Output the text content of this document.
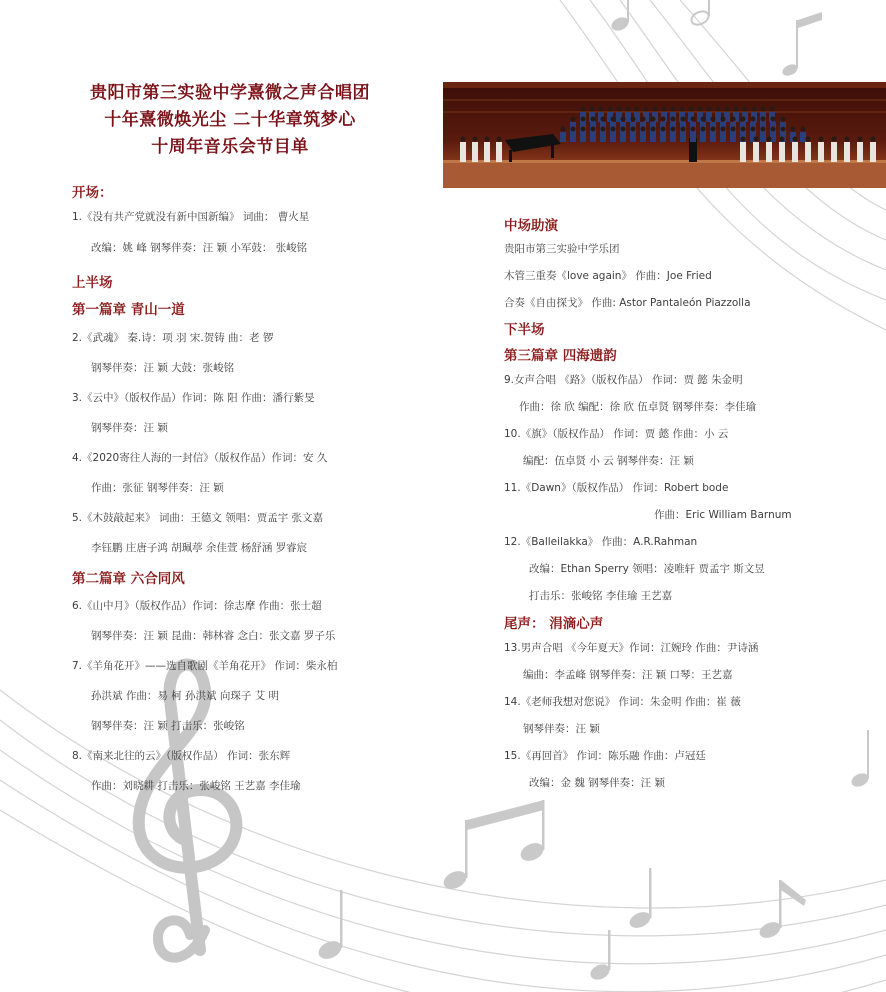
贵阳市第三实验中学熹微之声合唱团
十年熹微焕光尘 二十华章筑梦心
十周年音乐会节目单
开场：
1.《没有共产党就没有新中国新编》 词曲： 曹火星
改编：姚 峰 钢琴伴奏：汪 颖 小军鼓： 张峻铭
上半场
第一篇章 青山一道
2.《武魂》 秦.诗：项 羽 宋.贺铸 曲：老 锣
钢琴伴奏：汪 颖 大鼓：张峻铭
3.《云中》（版权作品）作词：陈 阳 作曲：潘行紫旻
钢琴伴奏：汪 颖
4.《2020寄往人海的一封信》（版权作品）作词：安 久
作曲：张征 钢琴伴奏：汪 颖
5.《木鼓敲起来》 词曲：王德文 领唱：贾孟宇 张文嘉
李钰鹏 庄唐子鸿 胡珮葶 余佳萱 杨舒涵 罗睿宸
第二篇章 六合同风
6.《山中月》（版权作品）作词：徐志摩 作曲：张士超
钢琴伴奏：汪 颖 昆曲：韩林睿 念白：张文嘉 罗子乐
7.《羊角花开》——选自歌剧《羊角花开》 作词：柴永柏
孙洪斌 作曲：易 柯 孙洪斌 向琛子 艾 明
钢琴伴奏：汪 颖 打击乐：张峻铭
8.《南来北往的云》（版权作品） 作词：张东辉
作曲：刘晓耕 打击乐：张峻铭 王艺嘉 李佳瑜
中场助演
贵阳市第三实验中学乐团
木管三重奏《love again》 作曲：Joe Fried
合奏《自由探戈》 作曲: Astor Pantaleón Piazzolla
下半场
第三篇章 四海遗韵
9.女声合唱 《路》（版权作品） 作词：贾 懿 朱金明
作曲：徐 欣 编配：徐 欣 伍卓贤 钢琴伴奏：李佳瑜
10.《旗》（版权作品） 作词：贾 懿 作曲：小 云
编配：伍卓贤 小 云 钢琴伴奏：汪 颖
11.《Dawn》（版权作品） 作词：Robert bode
作曲：Eric William Barnum
12.《Balleilakka》 作曲：A.R.Rahman
改编：Ethan Sperry 领唱：凌唯轩 贾孟宇 斯文昱
打击乐：张峻铭 李佳瑜 王艺嘉
尾声： 涓滴心声
13.男声合唱 《今年夏天》作词：江婉玲 作曲：尹诗涵
编曲：李孟峰 钢琴伴奏：汪 颖 口琴：王艺嘉
14.《老师我想对您说》 作词：朱金明 作曲：崔 薇
钢琴伴奏：汪 颖
15.《再回首》 作词：陈乐融 作曲：卢冠廷
改编：金 魏 钢琴伴奏：汪 颖
